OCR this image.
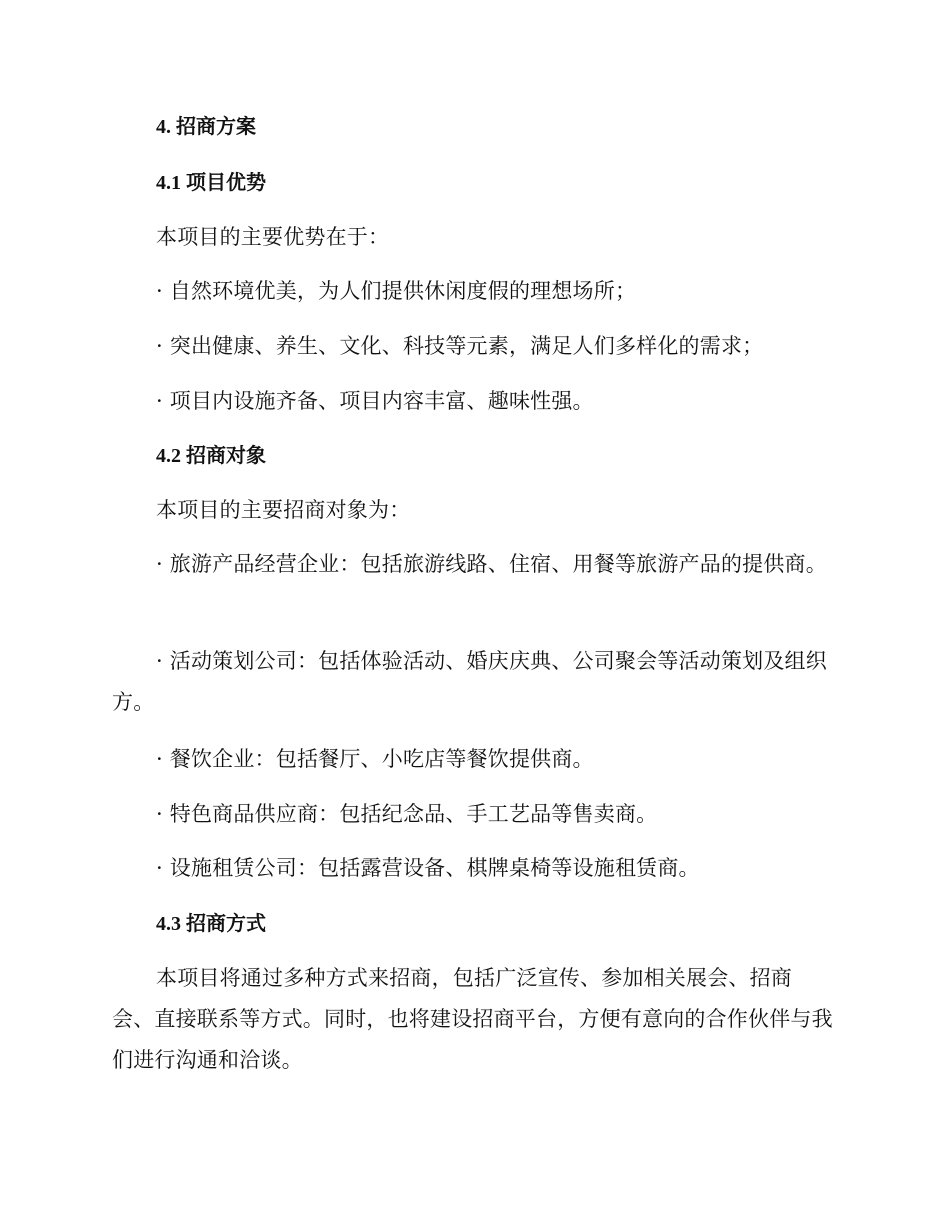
4. 招商方案
4.1 项目优势
本项目的主要优势在于：
· 自然环境优美，为人们提供休闲度假的理想场所；
· 突出健康、养生、文化、科技等元素，满足人们多样化的需求；
· 项目内设施齐备、项目内容丰富、趣味性强。
4.2 招商对象
本项目的主要招商对象为：
· 旅游产品经营企业：包括旅游线路、住宿、用餐等旅游产品的提供商。
· 活动策划公司：包括体验活动、婚庆庆典、公司聚会等活动策划及组织方。
· 餐饮企业：包括餐厅、小吃店等餐饮提供商。
· 特色商品供应商：包括纪念品、手工艺品等售卖商。
· 设施租赁公司：包括露营设备、棋牌桌椅等设施租赁商。
4.3 招商方式
本项目将通过多种方式来招商，包括广泛宣传、参加相关展会、招商会、直接联系等方式。同时，也将建设招商平台，方便有意向的合作伙伴与我们进行沟通和洽谈。
